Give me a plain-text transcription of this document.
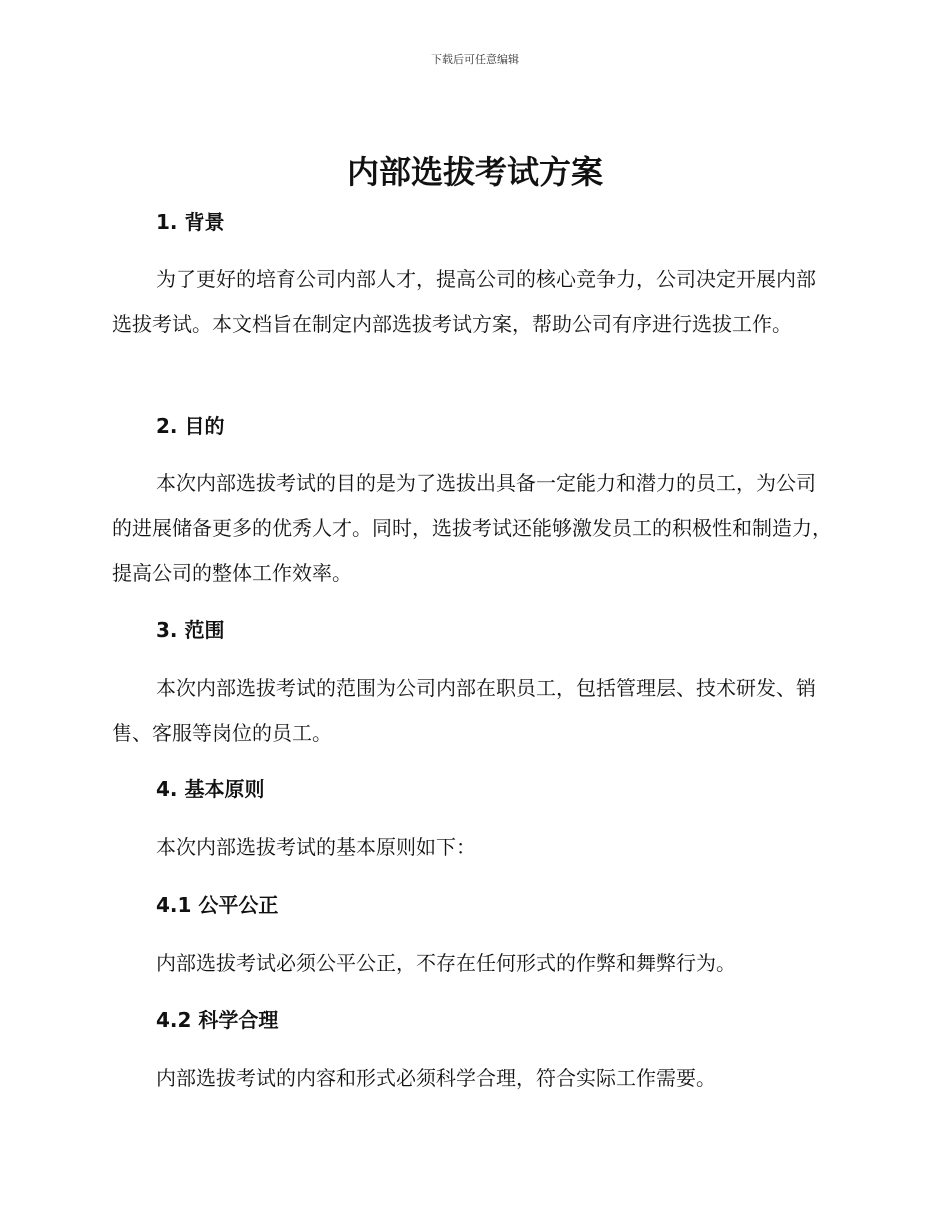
下载后可任意编辑
内部选拔考试方案
1. 背景

为了更好的培育公司内部人才，提高公司的核心竞争力，公司决定开展内部选拔考试。本文档旨在制定内部选拔考试方案，帮助公司有序进行选拔工作。

2. 目的

本次内部选拔考试的目的是为了选拔出具备一定能力和潜力的员工，为公司的进展储备更多的优秀人才。同时，选拔考试还能够激发员工的积极性和制造力，提高公司的整体工作效率。

3. 范围

本次内部选拔考试的范围为公司内部在职员工，包括管理层、技术研发、销售、客服等岗位的员工。

4. 基本原则

本次内部选拔考试的基本原则如下：

4.1 公平公正

内部选拔考试必须公平公正，不存在任何形式的作弊和舞弊行为。

4.2 科学合理

内部选拔考试的内容和形式必须科学合理，符合实际工作需要。
